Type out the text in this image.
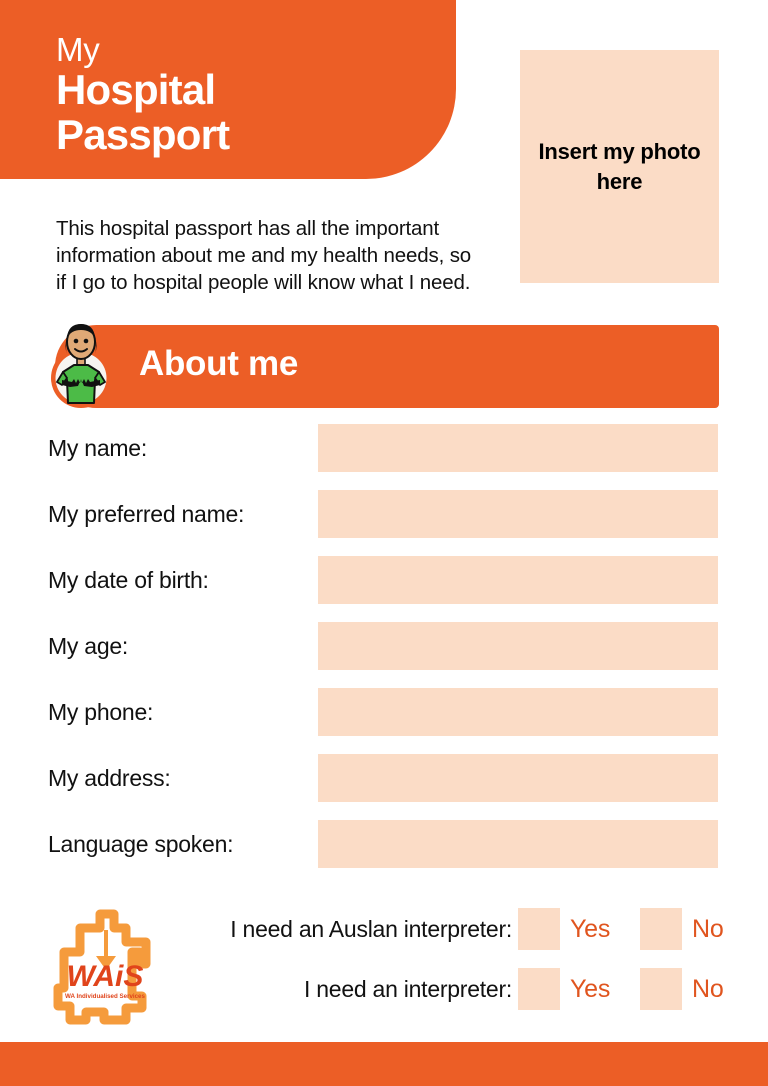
My
Hospital
Passport	Insert my photo here

This hospital passport has all the important information about me and my health needs, so if I go to hospital people will know what I need.

About me
My name:
My preferred name:
My date of birth:
My age:
My phone:
My address:
Language spoken:
WAiS
WA Individualised Services
I need an Auslan interpreter: Yes	No
I need an interpreter: Yes	No
